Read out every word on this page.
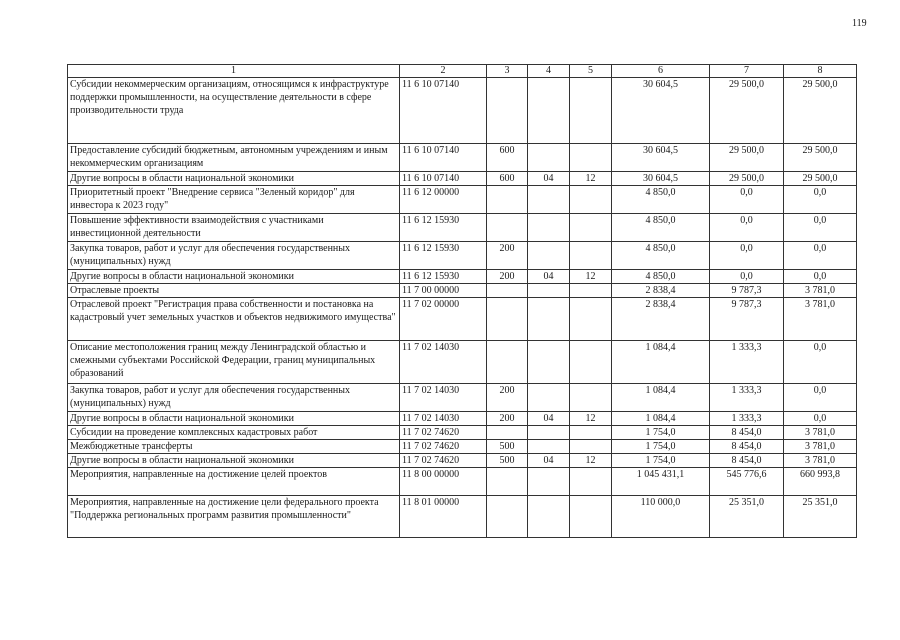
119
1	2	3	4	5	6	7	8
Субсидии некоммерческим организациям, относящимся к инфраструктуре поддержки промышленности, на осуществление деятельности в сфере производительности труда	11 6 10 07140				30 604,5	29 500,0	29 500,0
Предоставление субсидий бюджетным, автономным учреждениям и иным некоммерческим организациям	11 6 10 07140	600			30 604,5	29 500,0	29 500,0
Другие вопросы в области национальной экономики	11 6 10 07140	600	04	12	30 604,5	29 500,0	29 500,0
Приоритетный проект "Внедрение сервиса "Зеленый коридор" для инвестора к 2023 году"	11 6 12 00000				4 850,0	0,0	0,0
Повышение эффективности взаимодействия с участниками инвестиционной деятельности	11 6 12 15930				4 850,0	0,0	0,0
Закупка товаров, работ и услуг для обеспечения государственных (муниципальных) нужд	11 6 12 15930	200			4 850,0	0,0	0,0
Другие вопросы в области национальной экономики	11 6 12 15930	200	04	12	4 850,0	0,0	0,0
Отраслевые проекты	11 7 00 00000				2 838,4	9 787,3	3 781,0
Отраслевой проект "Регистрация права собственности и постановка на кадастровый учет земельных участков и объектов недвижимого имущества"	11 7 02 00000				2 838,4	9 787,3	3 781,0
Описание местоположения границ между Ленинградской областью и смежными субъектами Российской Федерации, границ муниципальных образований	11 7 02 14030				1 084,4	1 333,3	0,0
Закупка товаров, работ и услуг для обеспечения государственных (муниципальных) нужд	11 7 02 14030	200			1 084,4	1 333,3	0,0
Другие вопросы в области национальной экономики	11 7 02 14030	200	04	12	1 084,4	1 333,3	0,0
Субсидии на проведение комплексных кадастровых работ	11 7 02 74620				1 754,0	8 454,0	3 781,0
Межбюджетные трансферты	11 7 02 74620	500			1 754,0	8 454,0	3 781,0
Другие вопросы в области национальной экономики	11 7 02 74620	500	04	12	1 754,0	8 454,0	3 781,0
Мероприятия, направленные на достижение целей проектов	11 8 00 00000				1 045 431,1	545 776,6	660 993,8
Мероприятия, направленные на достижение цели федерального проекта "Поддержка региональных программ развития промышленности"	11 8 01 00000				110 000,0	25 351,0	25 351,0
